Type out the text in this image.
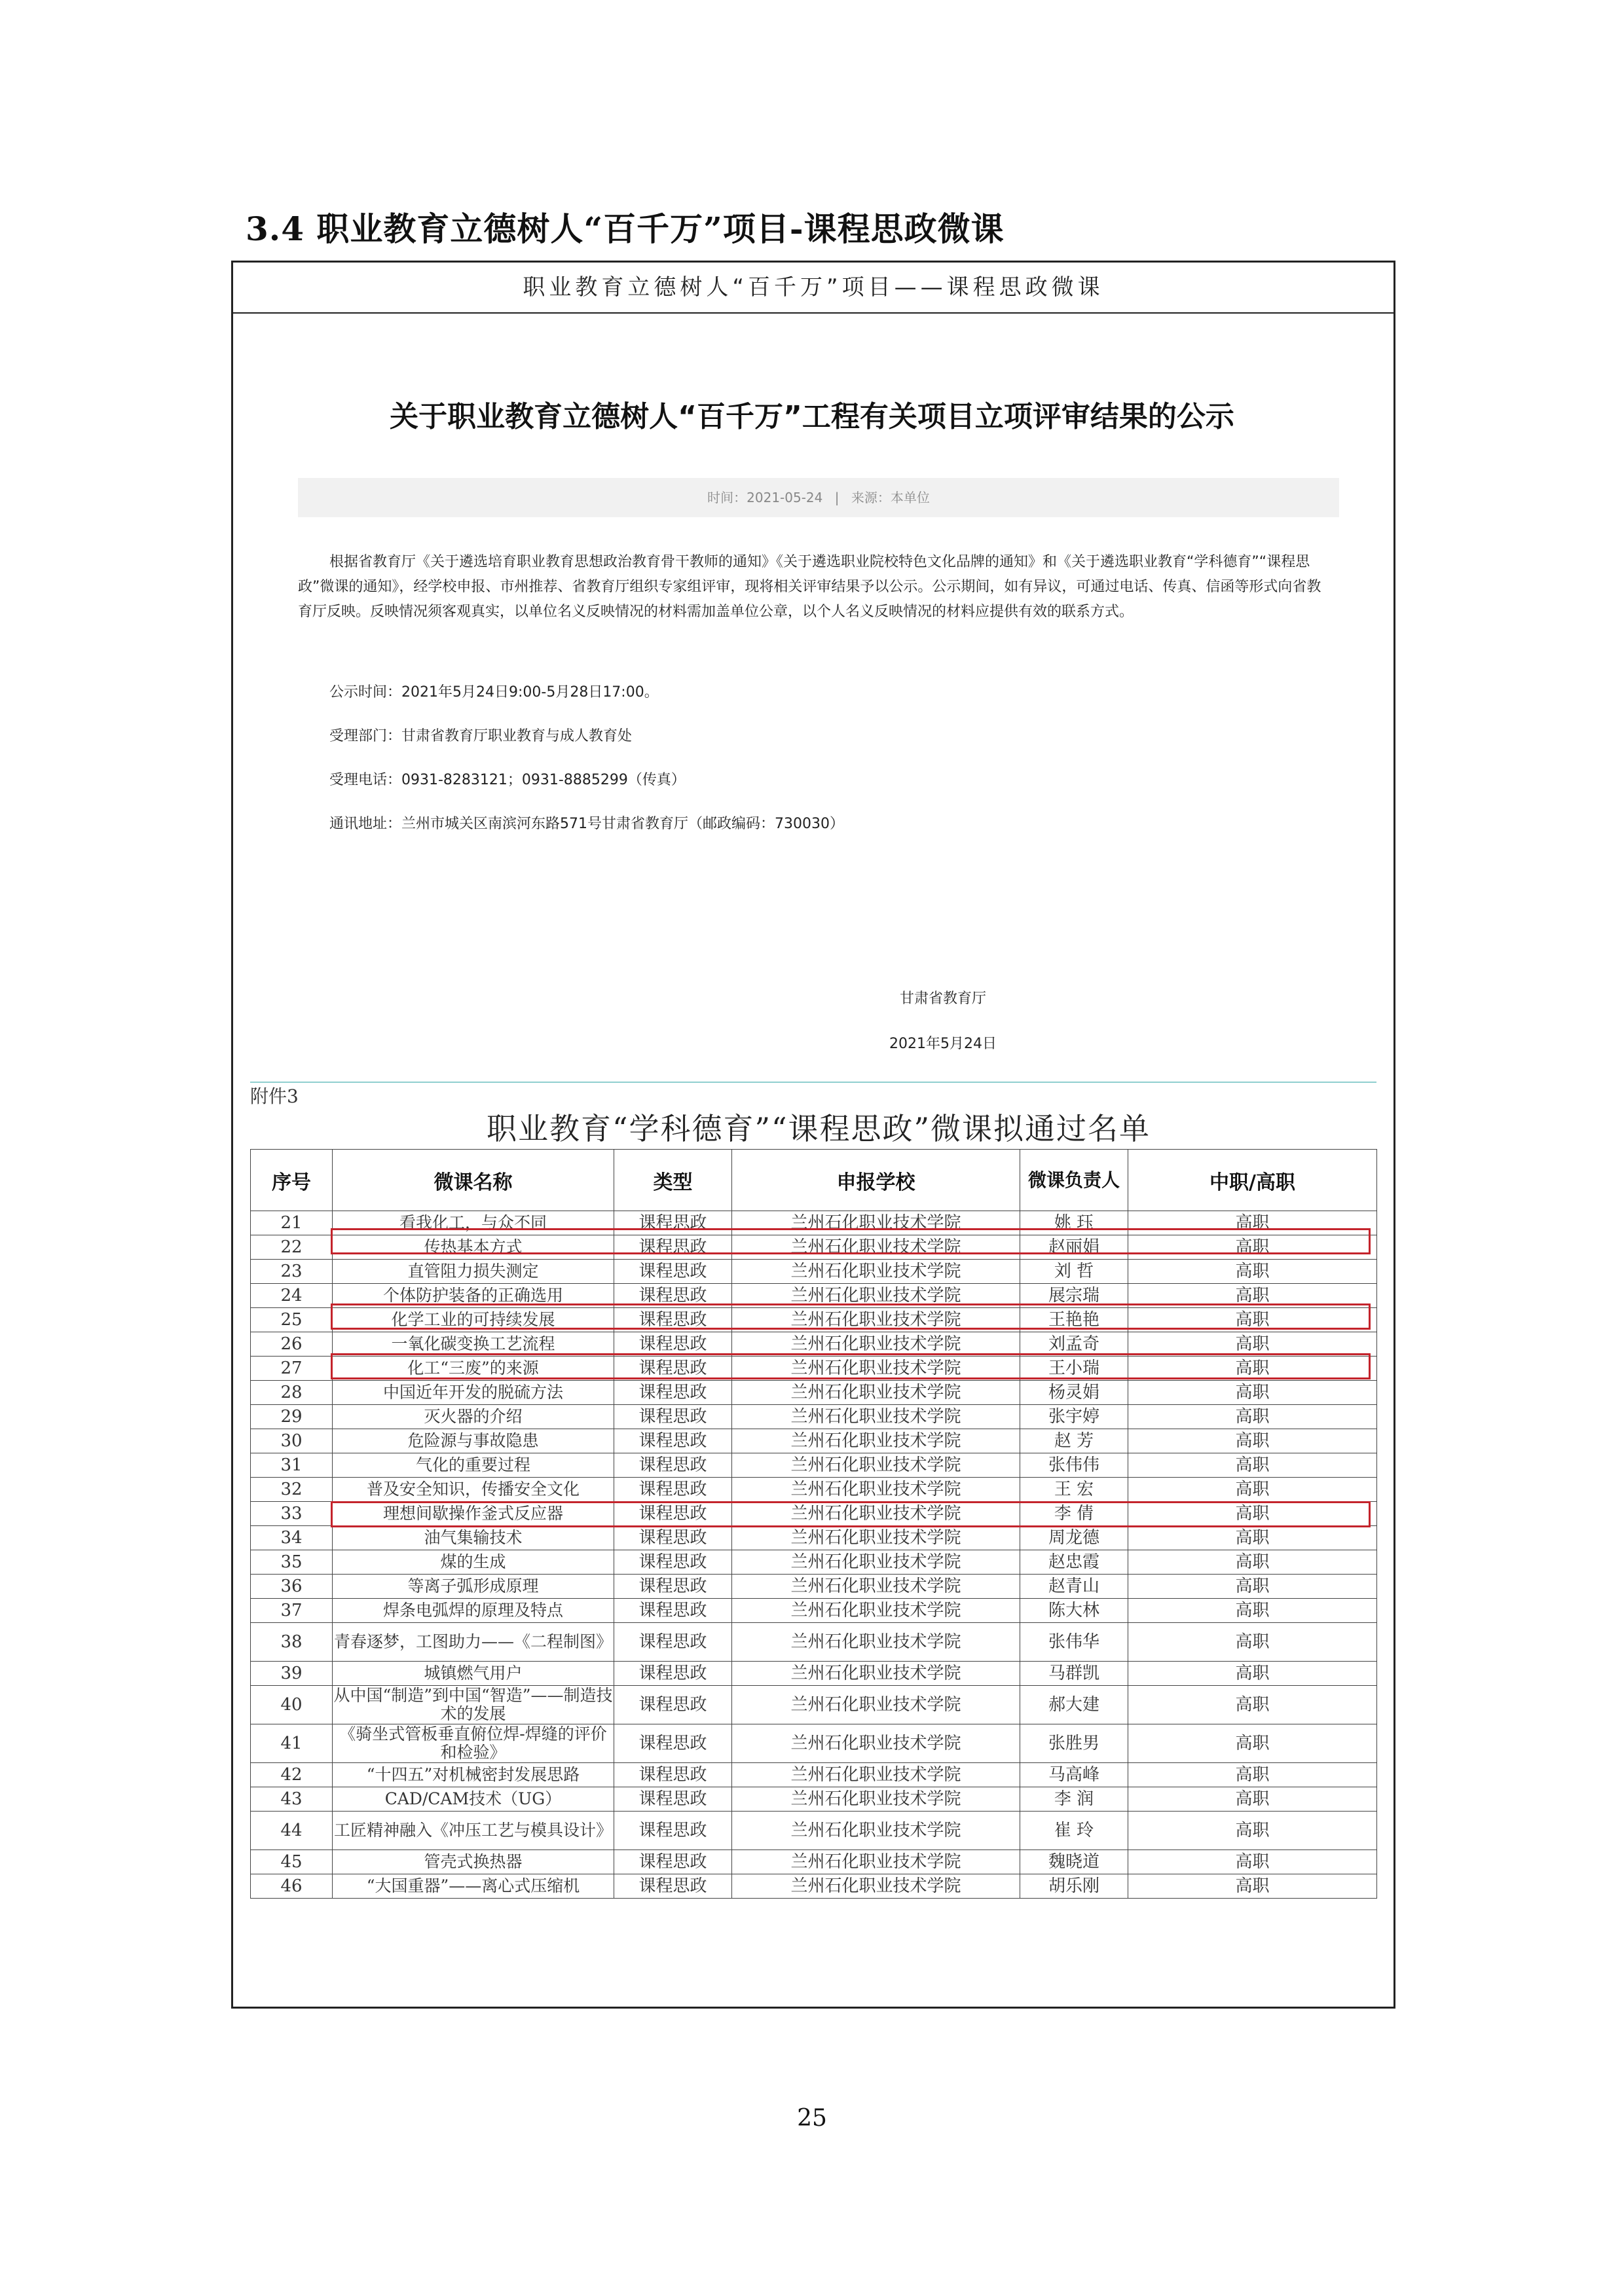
3.4 职业教育立德树人“百千万”项目-课程思政微课
职业教育立德树人“百千万”项目——课程思政微课
关于职业教育立德树人“百千万”工程有关项目立项评审结果的公示
时间：2021-05-24 | 来源：本单位

根据省教育厅《关于遴选培育职业教育思想政治教育骨干教师的通知》《关于遴选职业院校特色文化品牌的通知》和《关于遴选职业教育“学科德育”“课程思政”微课的通知》，经学校申报、市州推荐、省教育厅组织专家组评审，现将相关评审结果予以公示。公示期间，如有异议，可通过电话、传真、信函等形式向省教育厅反映。反映情况须客观真实，以单位名义反映情况的材料需加盖单位公章，以个人名义反映情况的材料应提供有效的联系方式。

公示时间：2021年5月24日9:00-5月28日17:00。
受理部门：甘肃省教育厅职业教育与成人教育处
受理电话：0931-8283121；0931-8885299（传真）
通讯地址：兰州市城关区南滨河东路571号甘肃省教育厅（邮政编码：730030）
甘肃省教育厅
2021年5月24日
附件3
职业教育“学科德育”“课程思政”微课拟通过名单
序号	微课名称	类型	申报学校	微课负责人	中职/高职
21	看我化工，与众不同	课程思政	兰州石化职业技术学院	姚 珏	高职
22	传热基本方式	课程思政	兰州石化职业技术学院	赵丽娟	高职
23	直管阻力损失测定	课程思政	兰州石化职业技术学院	刘 哲	高职
24	个体防护装备的正确选用	课程思政	兰州石化职业技术学院	展宗瑞	高职
25	化学工业的可持续发展	课程思政	兰州石化职业技术学院	王艳艳	高职
26	一氧化碳变换工艺流程	课程思政	兰州石化职业技术学院	刘孟奇	高职
27	化工“三废”的来源	课程思政	兰州石化职业技术学院	王小瑞	高职
28	中国近年开发的脱硫方法	课程思政	兰州石化职业技术学院	杨灵娟	高职
29	灭火器的介绍	课程思政	兰州石化职业技术学院	张宇婷	高职
30	危险源与事故隐患	课程思政	兰州石化职业技术学院	赵 芳	高职
31	气化的重要过程	课程思政	兰州石化职业技术学院	张伟伟	高职
32	普及安全知识，传播安全文化	课程思政	兰州石化职业技术学院	王 宏	高职
33	理想间歇操作釜式反应器	课程思政	兰州石化职业技术学院	李 倩	高职
34	油气集输技术	课程思政	兰州石化职业技术学院	周龙德	高职
35	煤的生成	课程思政	兰州石化职业技术学院	赵忠霞	高职
36	等离子弧形成原理	课程思政	兰州石化职业技术学院	赵青山	高职
37	焊条电弧焊的原理及特点	课程思政	兰州石化职业技术学院	陈大林	高职
38	青春逐梦，工图助力——《二程制图》	课程思政	兰州石化职业技术学院	张伟华	高职
39	城镇燃气用户	课程思政	兰州石化职业技术学院	马群凯	高职
40	从中国“制造”到中国“智造”——制造技术的发展	课程思政	兰州石化职业技术学院	郝大建	高职
41	《骑坐式管板垂直俯位焊-焊缝的评价和检验》	课程思政	兰州石化职业技术学院	张胜男	高职
42	“十四五”对机械密封发展思路	课程思政	兰州石化职业技术学院	马高峰	高职
43	CAD/CAM技术（UG）	课程思政	兰州石化职业技术学院	李 润	高职
44	工匠精神融入《冲压工艺与模具设计》	课程思政	兰州石化职业技术学院	崔 玲	高职
45	管壳式换热器	课程思政	兰州石化职业技术学院	魏晓道	高职
46	“大国重器”——离心式压缩机	课程思政	兰州石化职业技术学院	胡乐刚	高职
25
